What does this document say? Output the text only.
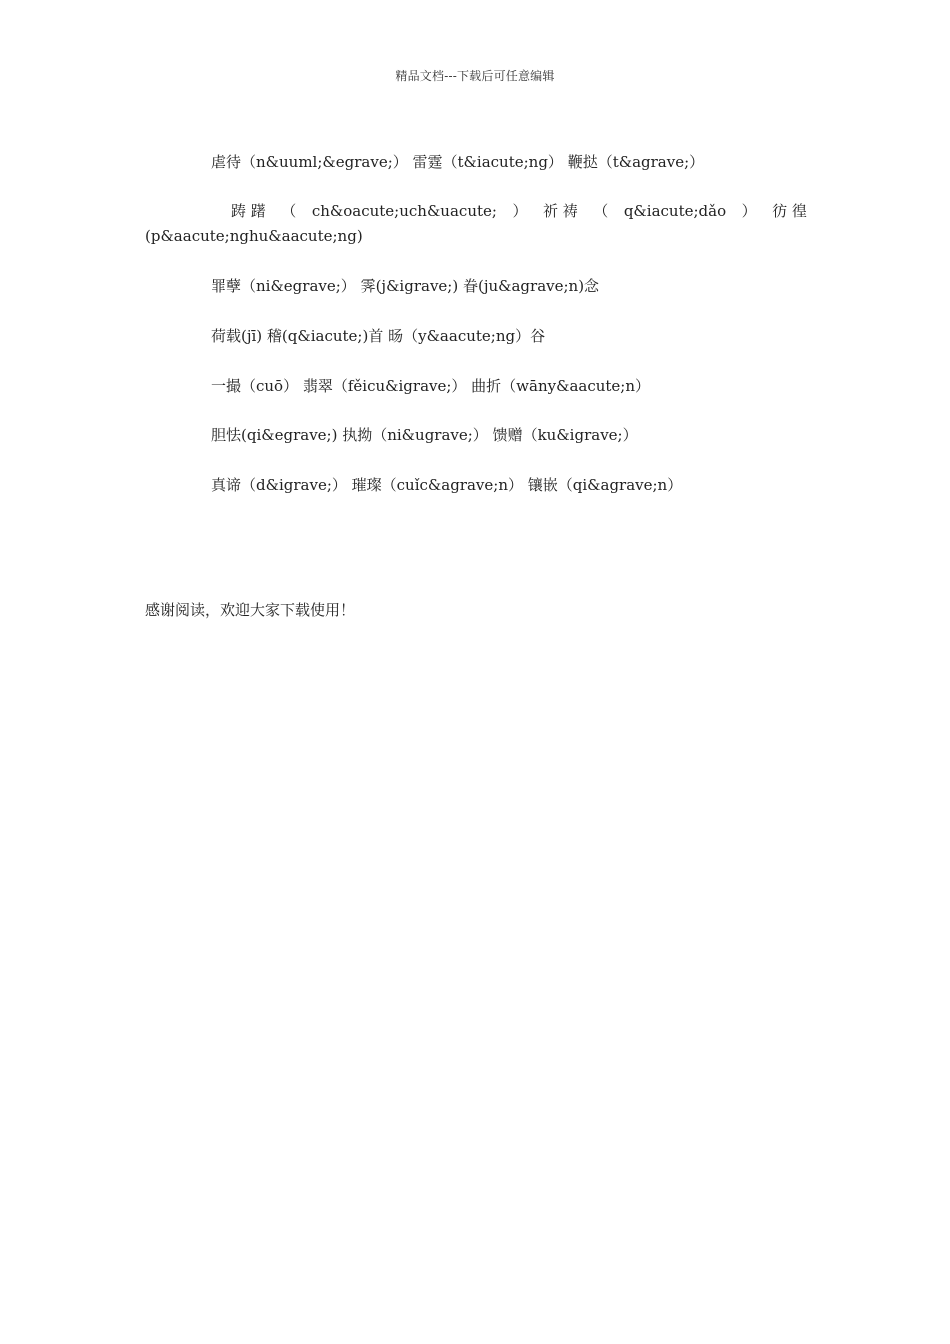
精品文档---下载后可任意编辑
虐待（n&uuml;&egrave;） 雷霆（t&iacute;ng） 鞭挞（t&agrave;）
踌 躇 （ ch&oacute;uch&uacute; ） 祈 祷 （ q&iacute;dǎo ） 彷 徨
(p&aacute;nghu&aacute;ng)
罪孽（ni&egrave;） 霁(j&igrave;) 眷(ju&agrave;n)念
荷载(jī) 稽(q&iacute;)首 旸（y&aacute;ng）谷
一撮（cuō） 翡翠（fěicu&igrave;） 曲折（wāny&aacute;n）
胆怯(qi&egrave;) 执拗（ni&ugrave;） 馈赠（ku&igrave;）
真谛（d&igrave;） 璀璨（cuǐc&agrave;n） 镶嵌（qi&agrave;n）
感谢阅读，欢迎大家下载使用！
